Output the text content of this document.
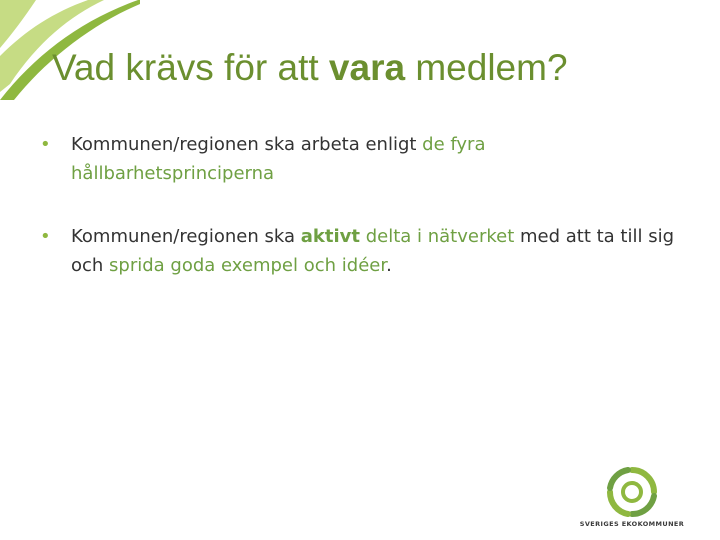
Vad krävs för att vara medlem?
• Kommunen/regionen ska arbeta enligt de fyra hållbarhetsprinciperna
• Kommunen/regionen ska aktivt delta i nätverket med att ta till sig och sprida goda exempel och idéer.
SVERIGES EKOKOMMUNER
